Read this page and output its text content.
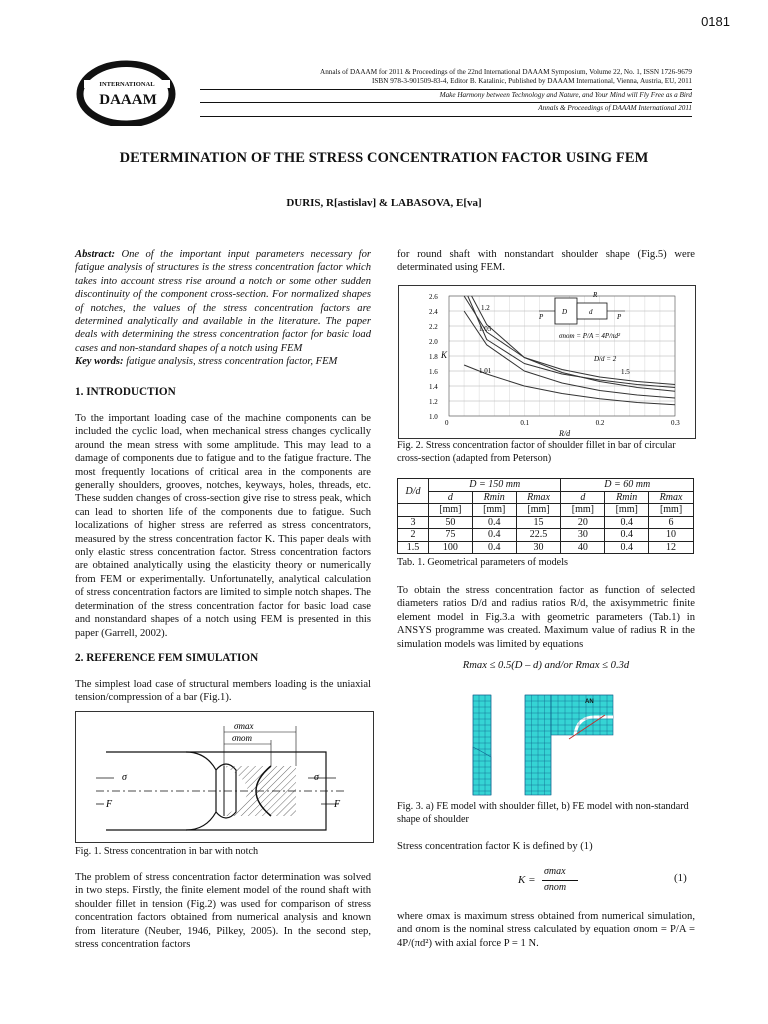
0181
INTERNATIONAL
DAAAM
Annals of DAAAM for 2011 & Proceedings of the 22nd International DAAAM Symposium, Volume 22, No. 1, ISSN 1726-9679
ISBN 978-3-901509-83-4, Editor B. Katalinic, Published by DAAAM International, Vienna, Austria, EU, 2011
Make Harmony between Technology and Nature, and Your Mind will Fly Free as a Bird
Annals & Proceedings of DAAAM International 2011
DETERMINATION OF THE STRESS CONCENTRATION FACTOR USING FEM
DURIS, R[astislav] & LABASOVA, E[va]
Abstract: One of the important input parameters necessary for fatigue analysis of structures is the stress concentration factor which takes into account stress rise around a notch or some other sudden discontinuity of the component cross-section. For normalized shapes of notches, the values of the stress concentration factors are determined analytically and available in the literature. The paper deals with determining the stress concentration factor for basic load cases and non-standard shapes of a notch using FEM
Key words: fatigue analysis, stress concentration factor, FEM
1. INTRODUCTION
To the important loading case of the machine components can be included the cyclic load, when mechanical stress changes cyclically around the mean stress with some amplitude. This may lead to a damage of components due to fatigue and to the fatigue fracture. The most frequently locations of critical area in the components are generally shoulders, grooves, notches, keyways, holes, threads, etc. These sudden changes of cross-section give rise to stress peak, which can lead to shorten life of the components due to fatigue. Such localizations of higher stress are referred as stress concentrators, measured by the stress concentration factor K. This paper deals with only elastic stress concentration factor. Stress concentration factors are obtained analytically using the elasticity theory or numerically from FEM or experimentally. Unfortunatelly, analytical calculation of stress concentration factors are limited to simple notch shapes. The determination of the stress concentration factor for basic load case and nonstandard shapes of a notch using FEM is presented in this paper (Garrell, 2002).
2. REFERENCE FEM SIMULATION
The simplest load case of structural members loading is the uniaxial tension/compression of a bar (Fig.1).
σmax
σnom
σ	σ
F	F
Fig. 1. Stress concentration in bar with notch
The problem of stress concentration factor determination was solved in two steps. Firstly, the finite element model of the round shaft with shoulder fillet in tension (Fig.2) was used for comparison of stress concentration factors obtained from numerical analysis and known from literature (Neuber, 1946, Pilkey, 2005). In the second step, stress concentration factors
for round shaft with nonstandart shoulder shape (Fig.5) were determinated using FEM.
2.6
2.4
2.2
2.0
1.8
1.6
1.4
1.2
1.0
0	0.1	0.2	0.3
K
R/d
R
D	d
P	P
σnom = P/A = 4P/πd²
1.2
1.05
1.01
D/d = 2
1.5
Fig. 2. Stress concentration factor of shoulder fillet in bar of circular cross-section (adapted from Peterson)
D/d	D = 150 mm			D = 60 mm		
	d	Rmin	Rmax	d	Rmin	Rmax
	[mm]	[mm]	[mm]	[mm]	[mm]	[mm]
3	50	0.4	15	20	0.4	6
2	75	0.4	22.5	30	0.4	10
1.5	100	0.4	30	40	0.4	12
Tab. 1. Geometrical parameters of models
To obtain the stress concentration factor as function of selected diameters ratios D/d and radius ratios R/d, the axisymmetric finite element model in Fig.3.a with geometric parameters (Tab.1) in ANSYS programme was created. Maximum value of radius R in the simulation models was limited by equations
Rmax ≤ 0.5(D – d) and/or Rmax ≤ 0.3d
AN
Fig. 3. a) FE model with shoulder fillet, b) FE model with non-standard shape of shoulder
Stress concentration factor K is defined by (1)
K =
σmax
σnom
(1)
where σmax is maximum stress obtained from numerical simulation, and σnom is the nominal stress calculated by equation σnom = P/A = 4P/(πd²) with axial force P = 1 N.
